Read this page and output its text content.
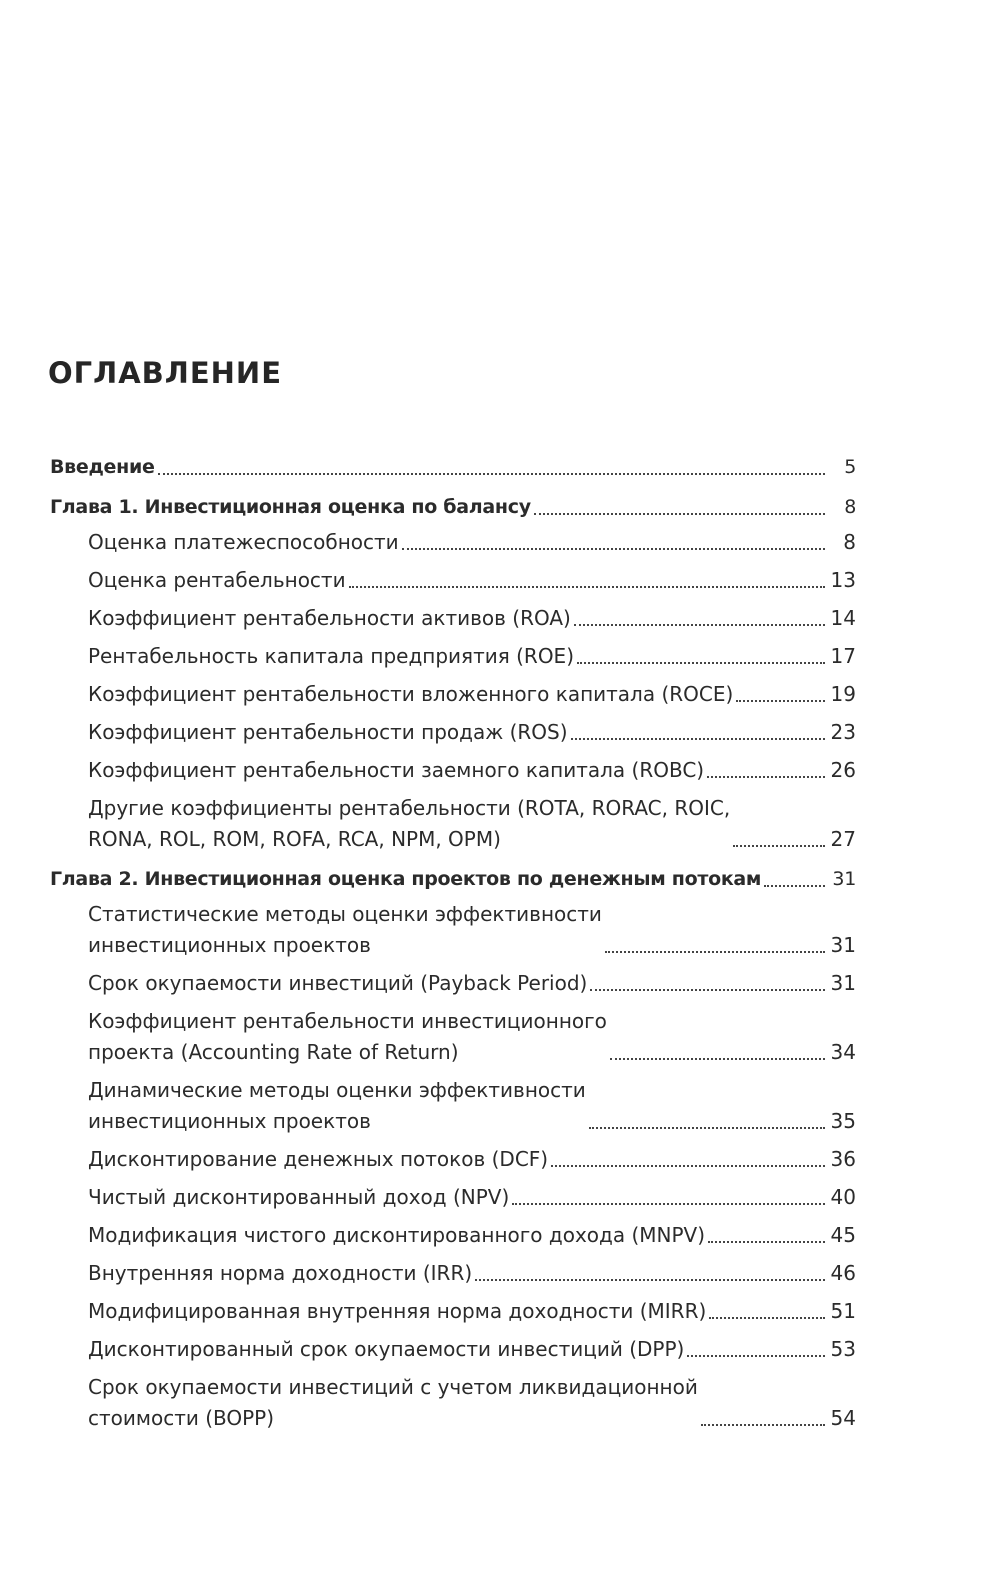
ОГЛАВЛЕНИЕ
Введение	5
Глава 1. Инвестиционная оценка по балансу	8
Оценка платежеспособности	8
Оценка рентабельности	13
Коэффициент рентабельности активов (ROA)	14
Рентабельность капитала предприятия (ROE)	17
Коэффициент рентабельности вложенного капитала (ROCE)	19
Коэффициент рентабельности продаж (ROS)	23
Коэффициент рентабельности заемного капитала (ROBC)	26
Другие коэффициенты рентабельности (ROTA, RORAC, ROIC,
RONA, ROL, ROM, ROFA, RCA, NPM, OPM)	27
Глава 2. Инвестиционная оценка проектов по денежным потокам	31
Статистические методы оценки эффективности
инвестиционных проектов	31
Срок окупаемости инвестиций (Payback Period)	31
Коэффициент рентабельности инвестиционного
проекта (Accounting Rate of Return)	34
Динамические методы оценки эффективности
инвестиционных проектов	35
Дисконтирование денежных потоков (DCF)	36
Чистый дисконтированный доход (NPV)	40
Модификация чистого дисконтированного дохода (MNPV)	45
Внутренняя норма доходности (IRR)	46
Модифицированная внутренняя норма доходности (MIRR)	51
Дисконтированный срок окупаемости инвестиций (DPP)	53
Срок окупаемости инвестиций с учетом ликвидационной
стоимости (BOPP)	54
